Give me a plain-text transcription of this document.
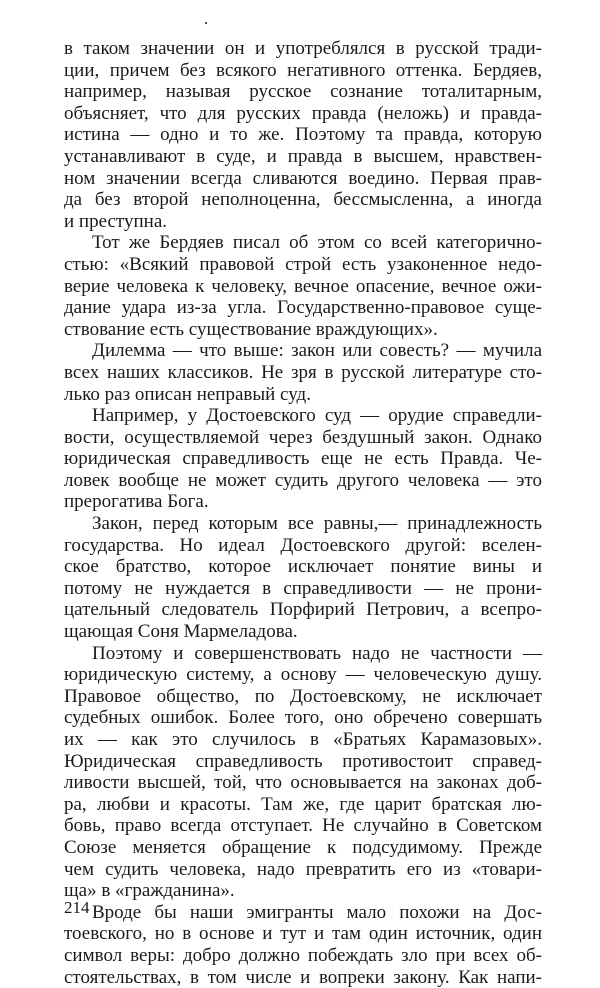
в таком значении он и употреблялся в русской тради-
ции, причем без всякого негативного оттенка. Бердяев,
например, называя русское сознание тоталитарным,
объясняет, что для русских правда (неложь) и правда-
истина — одно и то же. Поэтому та правда, которую
устанавливают в суде, и правда в высшем, нравствен-
ном значении всегда сливаются воедино. Первая прав-
да без второй неполноценна, бессмысленна, а иногда
и преступна.
Тот же Бердяев писал об этом со всей категорично-
стью: «Всякий правовой строй есть узаконенное недо-
верие человека к человеку, вечное опасение, вечное ожи-
дание удара из-за угла. Государственно-правовое суще-
ствование есть существование враждующих».
Дилемма — что выше: закон или совесть? — мучила
всех наших классиков. Не зря в русской литературе сто-
лько раз описан неправый суд.
Например, у Достоевского суд — орудие справедли-
вости, осуществляемой через бездушный закон. Однако
юридическая справедливость еще не есть Правда. Че-
ловек вообще не может судить другого человека — это
прерогатива Бога.
Закон, перед которым все равны,— принадлежность
государства. Но идеал Достоевского другой: вселен-
ское братство, которое исключает понятие вины и
потому не нуждается в справедливости — не прони-
цательный следователь Порфирий Петрович, а всепро-
щающая Соня Мармеладова.
Поэтому и совершенствовать надо не частности —
юридическую систему, а основу — человеческую душу.
Правовое общество, по Достоевскому, не исключает
судебных ошибок. Более того, оно обречено совершать
их — как это случилось в «Братьях Карамазовых».
Юридическая справедливость противостоит справед-
ливости высшей, той, что основывается на законах доб-
ра, любви и красоты. Там же, где царит братская лю-
бовь, право всегда отступает. Не случайно в Советском
Союзе меняется обращение к подсудимому. Прежде
чем судить человека, надо превратить его из «товари-
ща» в «гражданина».
Вроде бы наши эмигранты мало похожи на Дос-
тоевского, но в основе и тут и там один источник, один
символ веры: добро должно побеждать зло при всех об-
стоятельствах, в том числе и вопреки закону. Как напи-
214
